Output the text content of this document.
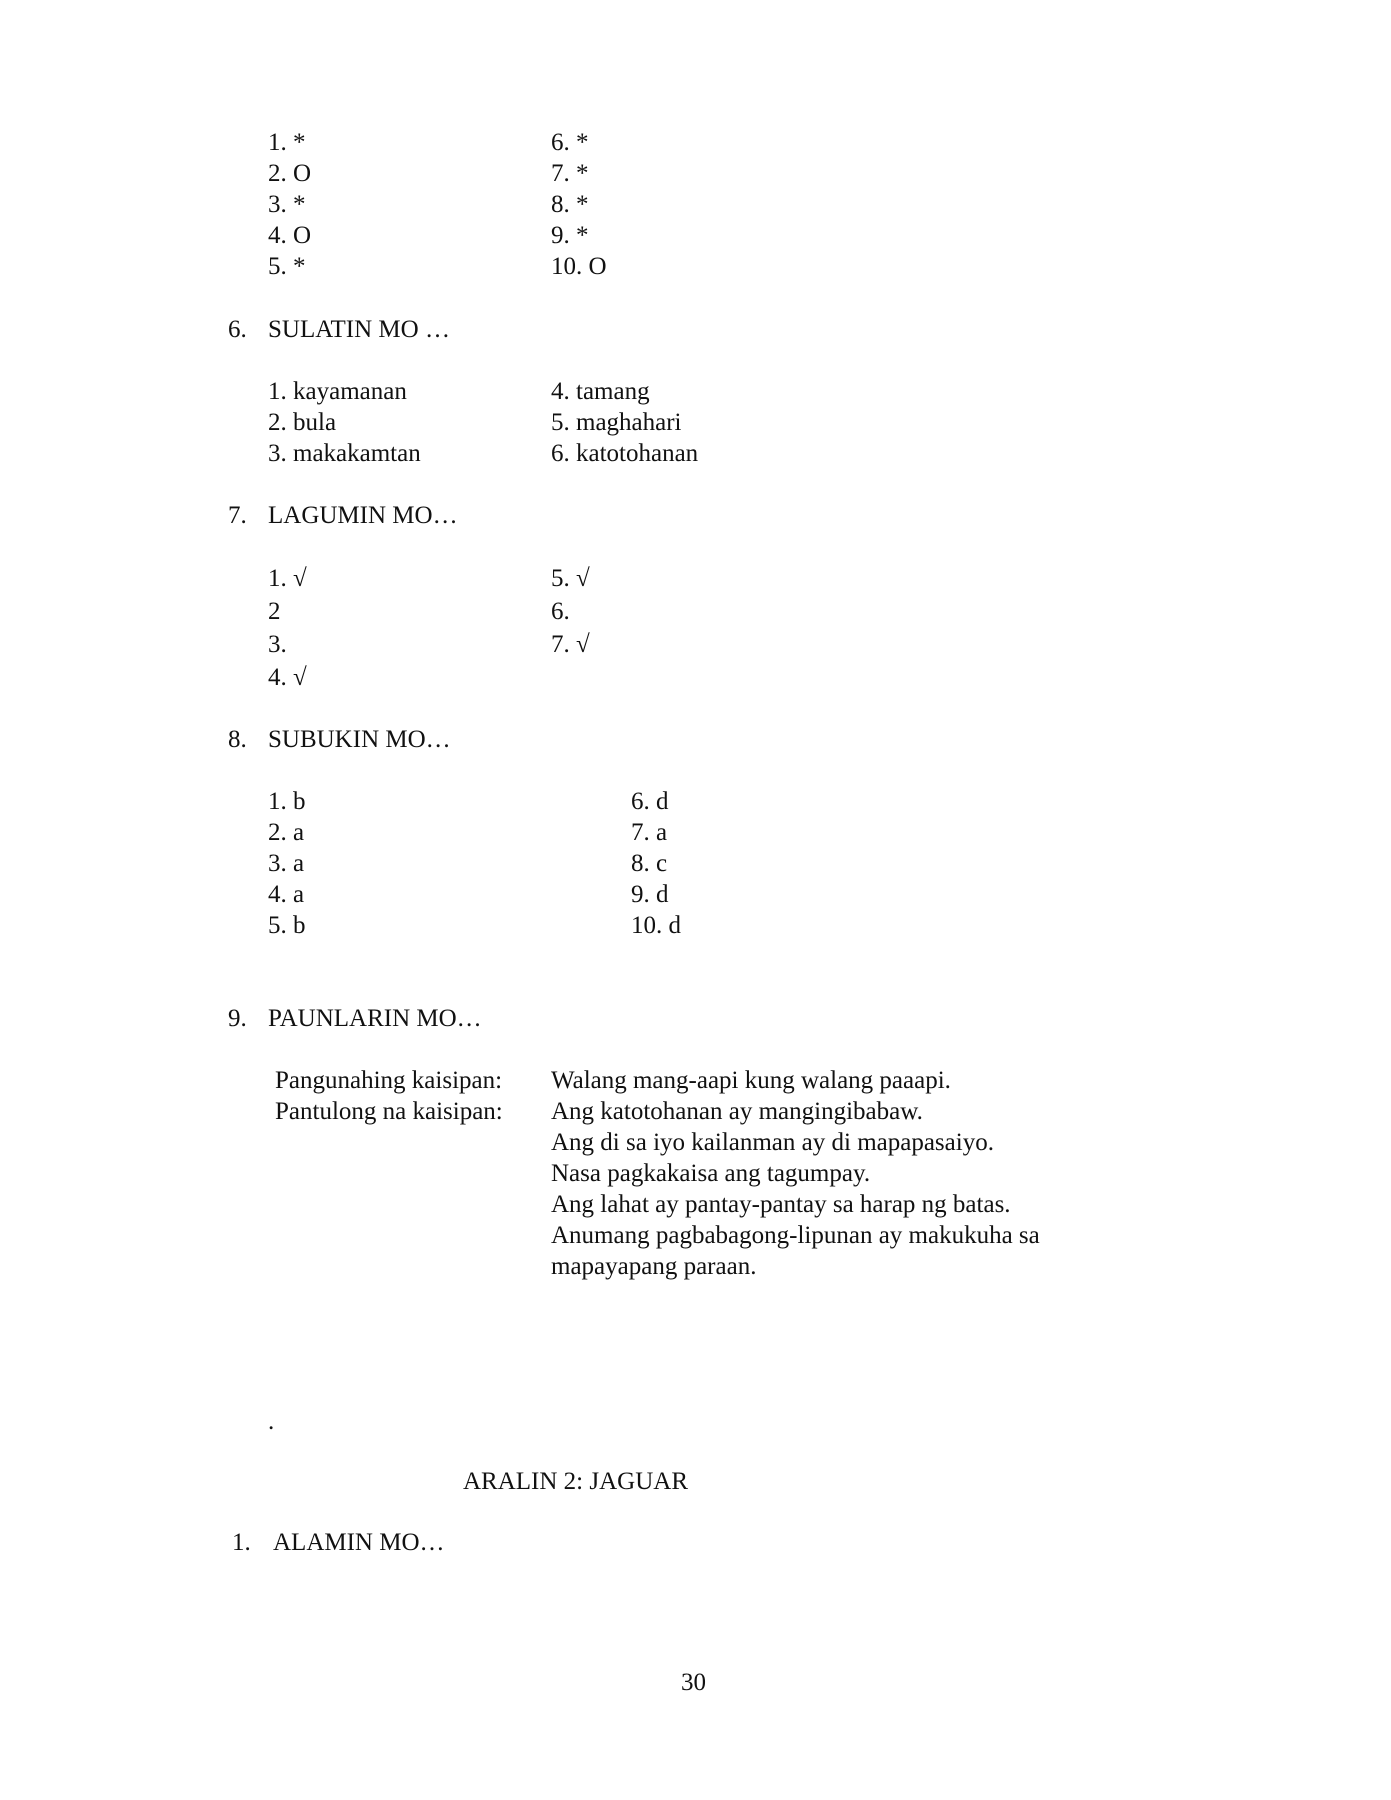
1. *
2. O
3. *
4. O
5. *
6. *
7. *
8. *
9. *
10. O
6. SULATIN MO …
1. kayamanan
2. bula
3. makakamtan
4. tamang
5. maghahari
6. katotohanan
7. LAGUMIN MO…
1. √
2
3.
4. √
5. √
6.
7. √
8. SUBUKIN MO…
1. b
2. a
3. a
4. a
5. b
6. d
7. a
8. c
9. d
10. d
9. PAUNLARIN MO…
Pangunahing kaisipan: Walang mang-aapi kung walang paaapi.
Pantulong na kaisipan: Ang katotohanan ay mangingibabaw.
Ang di sa iyo kailanman ay di mapapasaiyo.
Nasa pagkakaisa ang tagumpay.
Ang lahat ay pantay-pantay sa harap ng batas.
Anumang pagbabagong-lipunan ay makukuha sa
mapayapang paraan.
.
ARALIN 2: JAGUAR
1. ALAMIN MO…
30
